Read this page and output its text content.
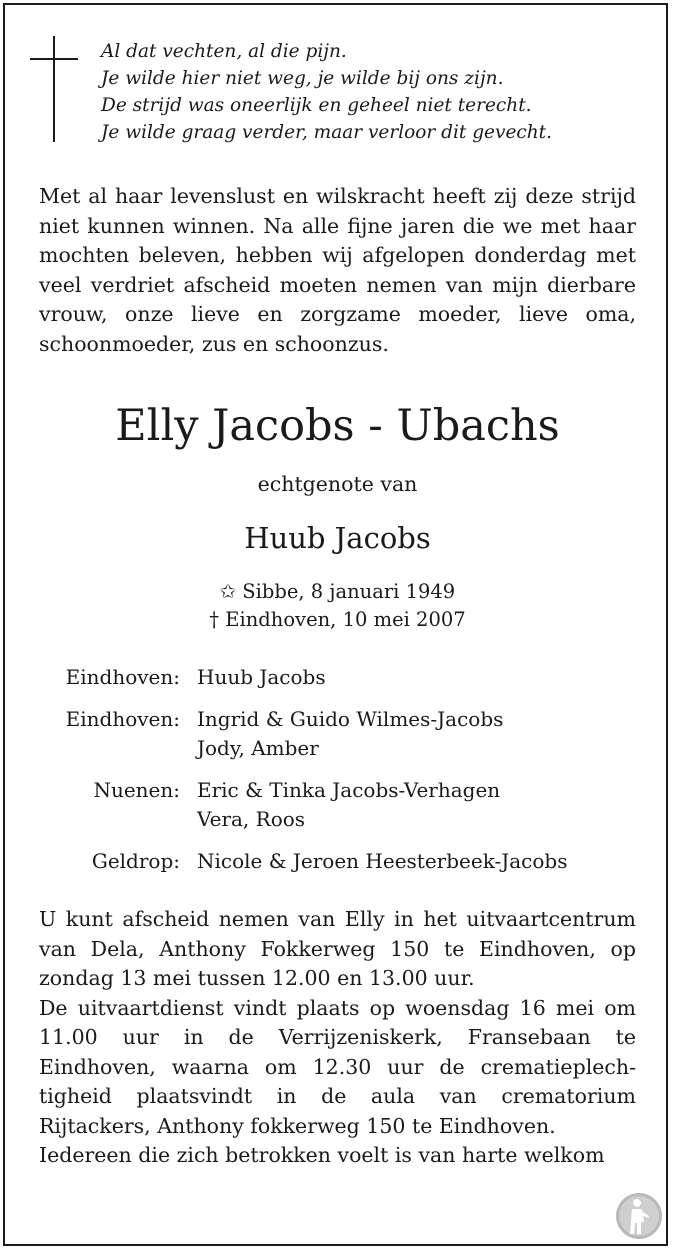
Al dat vechten, al die pijn.
Je wilde hier niet weg, je wilde bij ons zijn.
De strijd was oneerlijk en geheel niet terecht.
Je wilde graag verder, maar verloor dit gevecht.
Met al haar levenslust en wilskracht heeft zij deze strijd niet kunnen winnen. Na alle fijne jaren die we met haar mochten beleven, hebben wij afgelopen donderdag met veel verdriet afscheid moeten nemen van mijn dierbare vrouw, onze lieve en zorgzame moeder, lieve oma, schoonmoeder, zus en schoonzus.
Elly Jacobs - Ubachs
echtgenote van
Huub Jacobs
✩ Sibbe, 8 januari 1949
† Eindhoven, 10 mei 2007
Eindhoven: Huub Jacobs
Eindhoven: Ingrid & Guido Wilmes-Jacobs
Jody, Amber
Nuenen: Eric & Tinka Jacobs-Verhagen
Vera, Roos
Geldrop: Nicole & Jeroen Heesterbeek-Jacobs

U kunt afscheid nemen van Elly in het uitvaartcentrum van Dela, Anthony Fokkerweg 150 te Eindhoven, op zondag 13 mei tussen 12.00 en 13.00 uur.

De uitvaartdienst vindt plaats op woensdag 16 mei om 11.00 uur in de Verrijzeniskerk, Fransebaan te Eindhoven, waarna om 12.30 uur de crematieplechtigheid plaatsvindt in de aula van crematorium Rijtackers, Anthony fokkerweg 150 te Eindhoven.

Iedereen die zich betrokken voelt is van harte welkom
